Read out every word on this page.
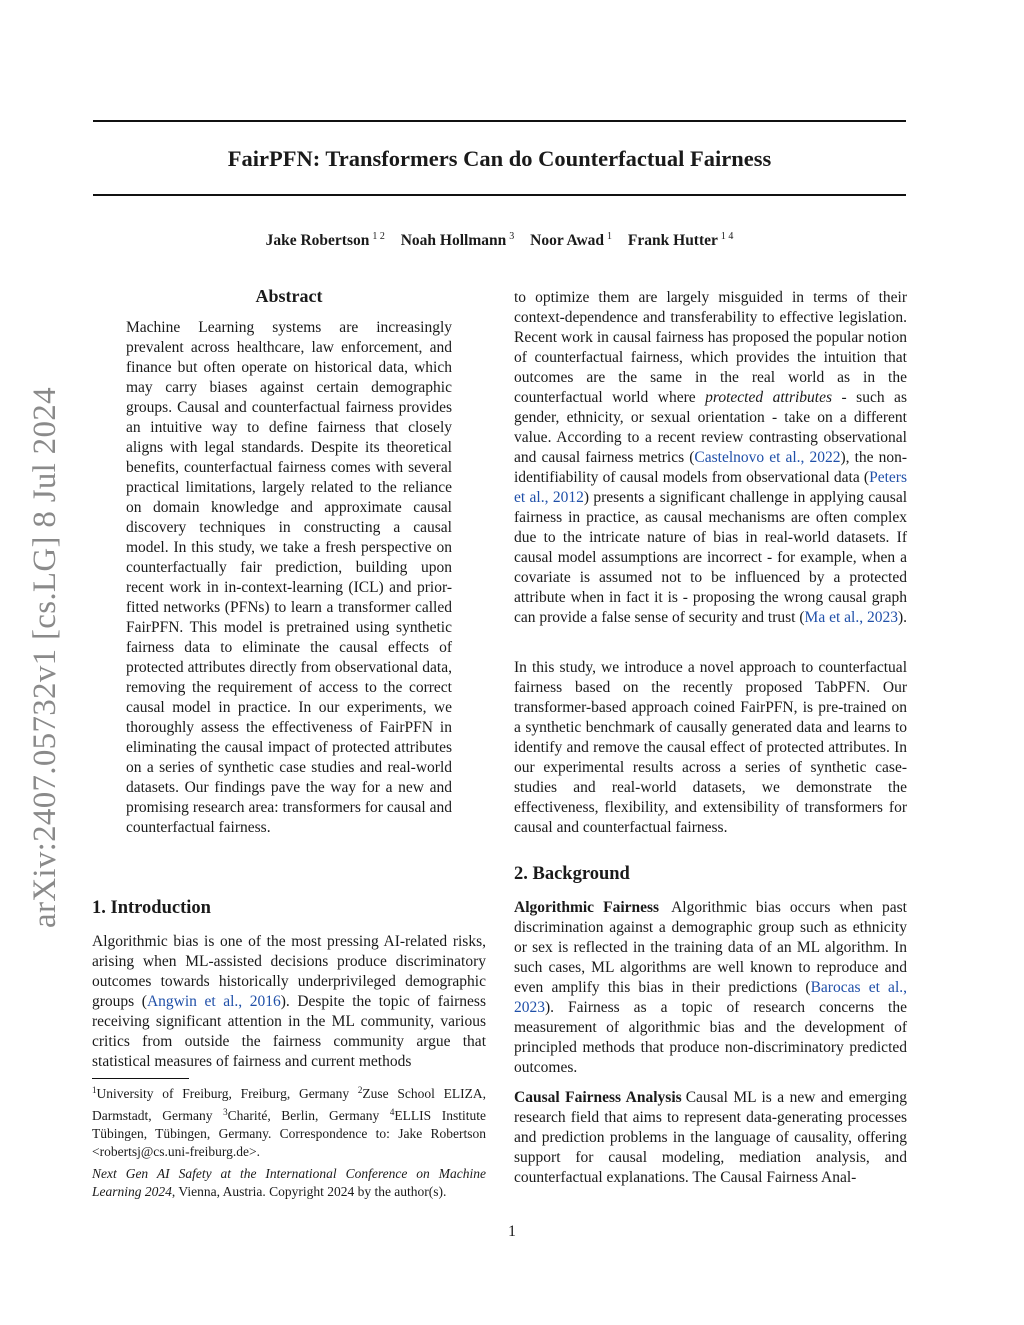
arXiv:2407.05732v1 [cs.LG] 8 Jul 2024
FairPFN: Transformers Can do Counterfactual Fairness
Jake Robertson $^{1 2}$ Noah Hollmann $^3$ Noor Awad $^1$ Frank Hutter $^{1 4}$
Abstract

Machine Learning systems are increasingly prevalent across healthcare, law enforcement, and finance but often operate on historical data, which may carry biases against certain demographic groups. Causal and counterfactual fairness provides an intuitive way to define fairness that closely aligns with legal standards. Despite its theoretical benefits, counterfactual fairness comes with several practical limitations, largely related to the reliance on domain knowledge and approximate causal discovery techniques in constructing a causal model. In this study, we take a fresh perspective on counterfactually fair prediction, building upon recent work in in-context-learning (ICL) and prior-fitted networks (PFNs) to learn a transformer called FairPFN. This model is pretrained using synthetic fairness data to eliminate the causal effects of protected attributes directly from observational data, removing the requirement of access to the correct causal model in practice. In our experiments, we thoroughly assess the effectiveness of FairPFN in eliminating the causal impact of protected attributes on a series of synthetic case studies and real-world datasets. Our findings pave the way for a new and promising research area: transformers for causal and counterfactual fairness.

1. Introduction

Algorithmic bias is one of the most pressing AI-related risks, arising when ML-assisted decisions produce discriminatory outcomes towards historically underprivileged demographic groups (Angwin et al., 2016). Despite the topic of fairness receiving significant attention in the ML community, various critics from outside the fairness community argue that statistical measures of fairness and current methods

$^1$University of Freiburg, Freiburg, Germany $^2$Zuse School ELIZA, Darmstadt, Germany $^3$Charité, Berlin, Germany $^4$ELLIS Institute Tübingen, Tübingen, Germany. Correspondence to: Jake Robertson <robertsj@cs.uni-freiburg.de>.

Next Gen AI Safety at the International Conference on Machine Learning 2024, Vienna, Austria. Copyright 2024 by the author(s).

to optimize them are largely misguided in terms of their context-dependence and transferability to effective legislation. Recent work in causal fairness has proposed the popular notion of counterfactual fairness, which provides the intuition that outcomes are the same in the real world as in the counterfactual world where protected attributes - such as gender, ethnicity, or sexual orientation - take on a different value. According to a recent review contrasting observational and causal fairness metrics (Castelnovo et al., 2022), the non-identifiability of causal models from observational data (Peters et al., 2012) presents a significant challenge in applying causal fairness in practice, as causal mechanisms are often complex due to the intricate nature of bias in real-world datasets. If causal model assumptions are incorrect - for example, when a covariate is assumed not to be influenced by a protected attribute when in fact it is - proposing the wrong causal graph can provide a false sense of security and trust (Ma et al., 2023).

In this study, we introduce a novel approach to counterfactual fairness based on the recently proposed TabPFN. Our transformer-based approach coined FairPFN, is pre-trained on a synthetic benchmark of causally generated data and learns to identify and remove the causal effect of protected attributes. In our experimental results across a series of synthetic case-studies and real-world datasets, we demonstrate the effectiveness, flexibility, and extensibility of transformers for causal and counterfactual fairness.

2. Background

Algorithmic Fairness Algorithmic bias occurs when past discrimination against a demographic group such as ethnicity or sex is reflected in the training data of an ML algorithm. In such cases, ML algorithms are well known to reproduce and even amplify this bias in their predictions (Barocas et al., 2023). Fairness as a topic of research concerns the measurement of algorithmic bias and the development of principled methods that produce non-discriminatory predicted outcomes.

Causal Fairness Analysis Causal ML is a new and emerging research field that aims to represent data-generating processes and prediction problems in the language of causality, offering support for causal modeling, mediation analysis, and counterfactual explanations. The Causal Fairness Anal-

1
